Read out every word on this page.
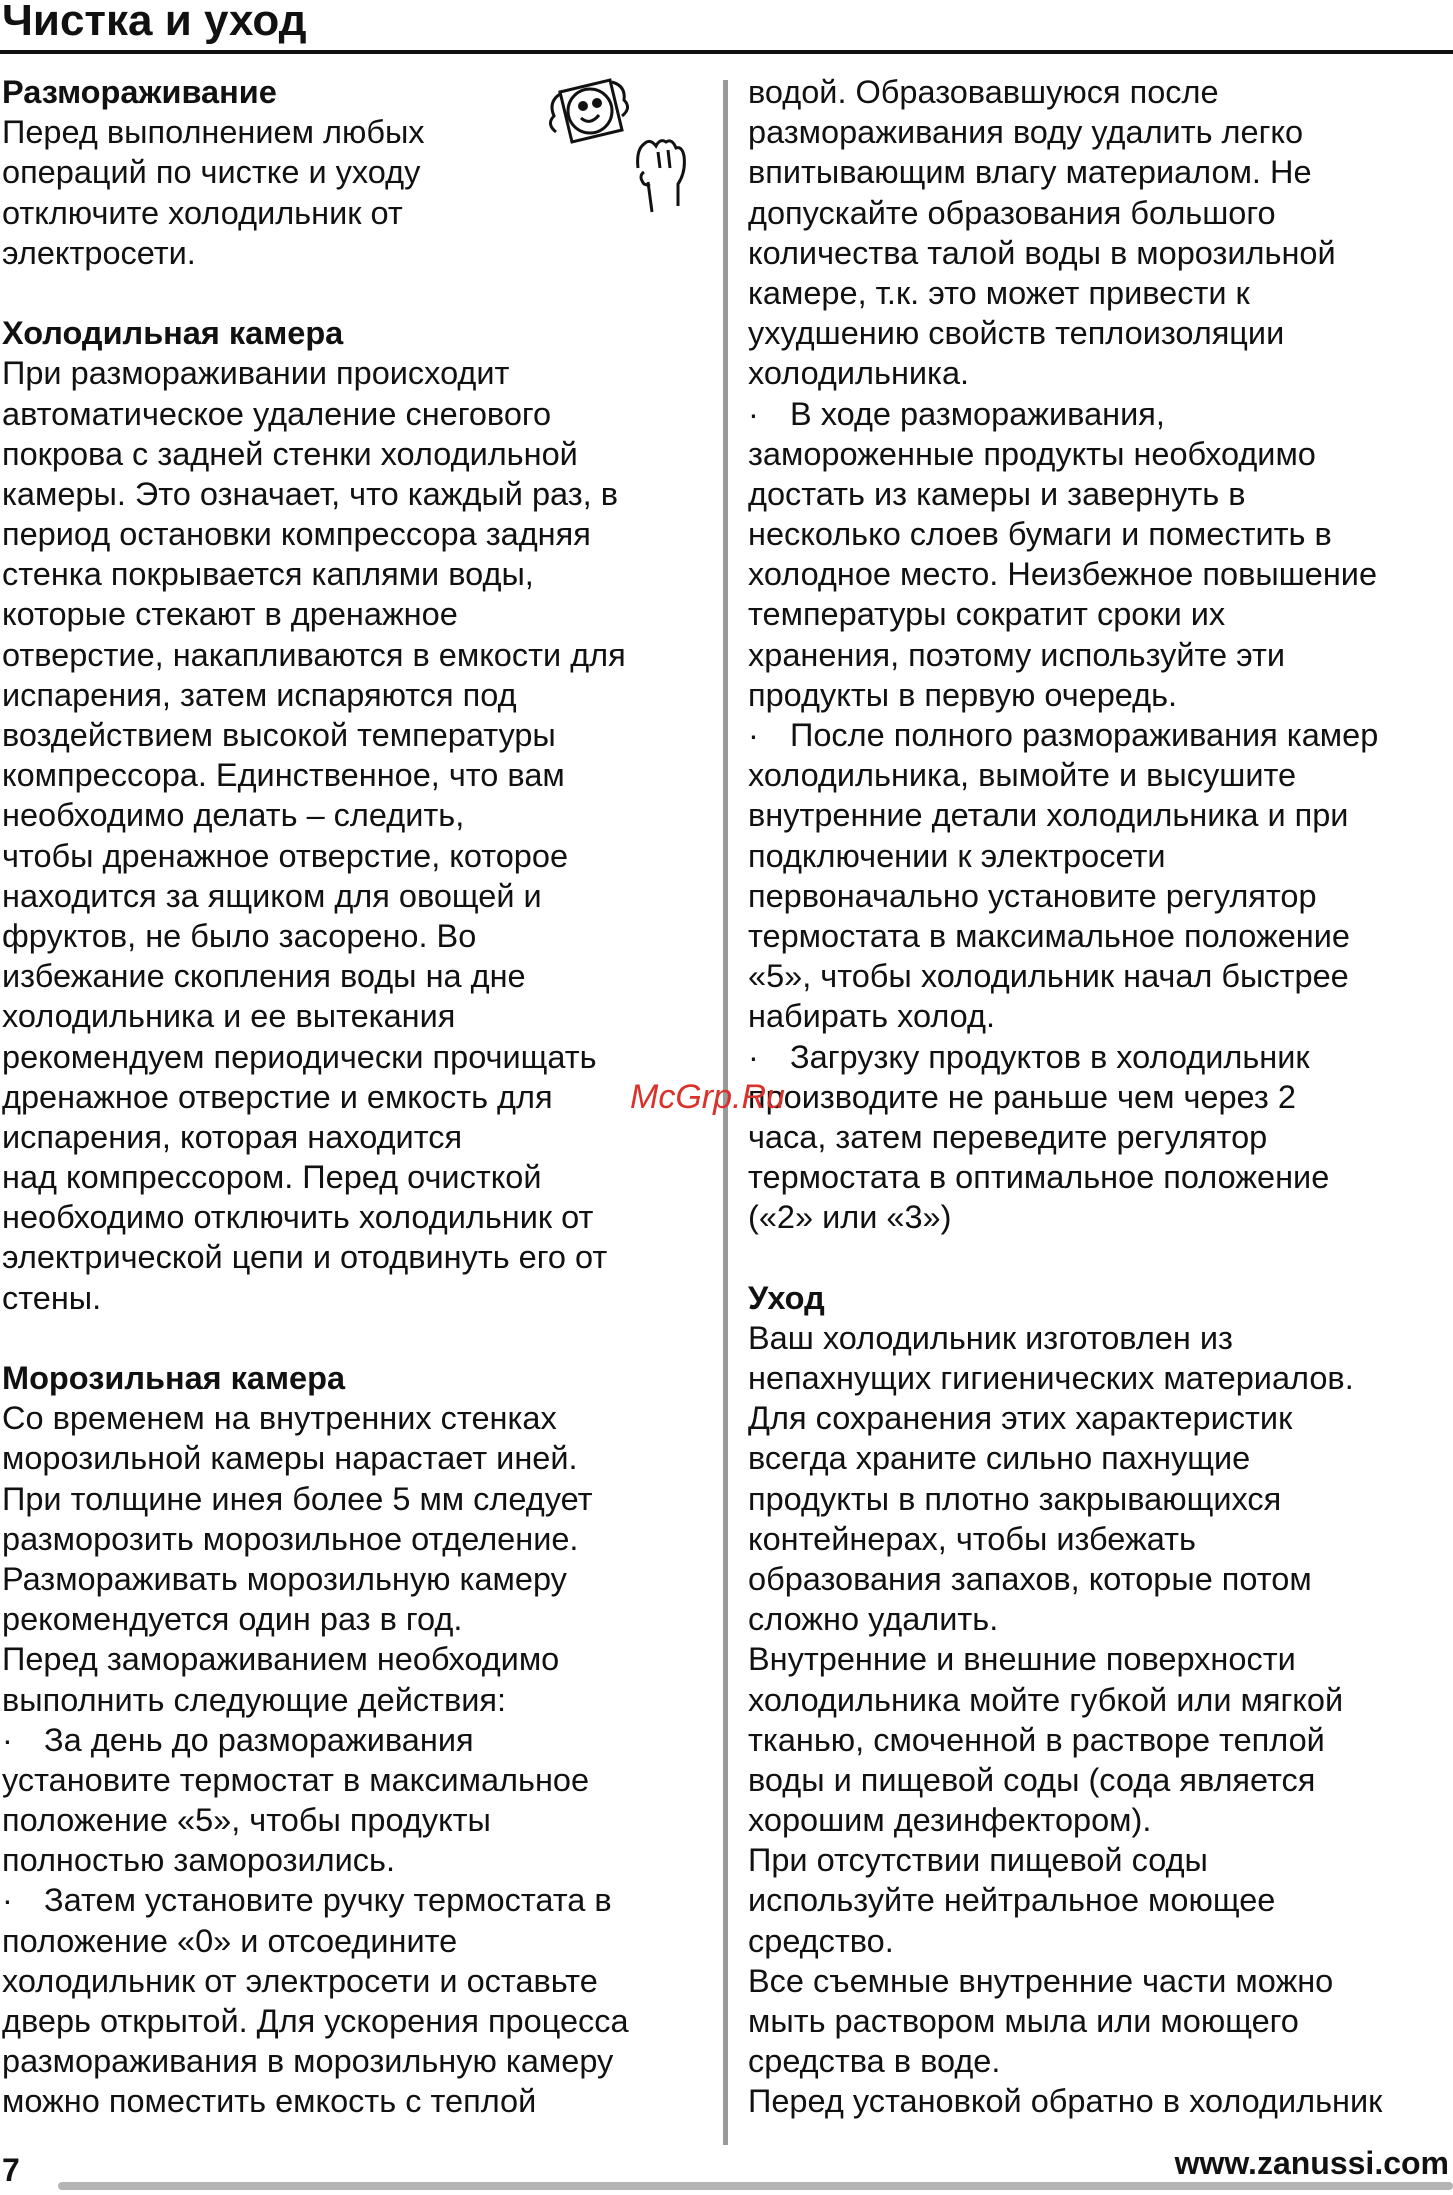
Чистка и уход
Размораживание
Перед выполнением любых
операций по чистке и уходу
отключите холодильник от
электросети.
Холодильная камера
При размораживании происходит
автоматическое удаление снегового
покрова с задней стенки холодильной
камеры. Это означает, что каждый раз, в
период остановки компрессора задняя
стенка покрывается каплями воды,
которые стекают в дренажное
отверстие, накапливаются в емкости для
испарения, затем испаряются под
воздействием высокой температуры
компрессора. Единственное, что вам
необходимо делать – следить,
чтобы дренажное отверстие, которое
находится за ящиком для овощей и
фруктов, не было засорено. Во
избежание скопления воды на дне
холодильника и ее вытекания
рекомендуем периодически прочищать
дренажное отверстие и емкость для
испарения, которая находится
над компрессором. Перед очисткой
необходимо отключить холодильник от
электрической цепи и отодвинуть его от
стены.
Морозильная камера
Со временем на внутренних стенках
морозильной камеры нарастает иней.
При толщине инея более 5 мм следует
разморозить морозильное отделение.
Размораживать морозильную камеру
рекомендуется один раз в год.
Перед замораживанием необходимо
выполнить следующие действия:
· За день до размораживания
установите термостат в максимальное
положение «5», чтобы продукты
полностью заморозились.
· Затем установите ручку термостата в
положение «0» и отсоедините
холодильник от электросети и оставьте
дверь открытой. Для ускорения процесса
размораживания в морозильную камеру
можно поместить емкость с теплой
водой. Образовавшуюся после
размораживания воду удалить легко
впитывающим влагу материалом. Не
допускайте образования большого
количества талой воды в морозильной
камере, т.к. это может привести к
ухудшению свойств теплоизоляции
холодильника.
· В ходе размораживания,
замороженные продукты необходимо
достать из камеры и завернуть в
несколько слоев бумаги и поместить в
холодное место. Неизбежное повышение
температуры сократит сроки их
хранения, поэтому используйте эти
продукты в первую очередь.
· После полного размораживания камер
холодильника, вымойте и высушите
внутренние детали холодильника и при
подключении к электросети
первоначально установите регулятор
термостата в максимальное положение
«5», чтобы холодильник начал быстрее
набирать холод.
· Загрузку продуктов в холодильник
производите не раньше чем через 2
часа, затем переведите регулятор
термостата в оптимальное положение
(«2» или «3»)
Уход
Ваш холодильник изготовлен из
непахнущих гигиенических материалов.
Для сохранения этих характеристик
всегда храните сильно пахнущие
продукты в плотно закрывающихся
контейнерах, чтобы избежать
образования запахов, которые потом
сложно удалить.
Внутренние и внешние поверхности
холодильника мойте губкой или мягкой
тканью, смоченной в растворе теплой
воды и пищевой соды (сода является
хорошим дезинфектором).
При отсутствии пищевой соды
используйте нейтральное моющее
средство.
Все съемные внутренние части можно
мыть раствором мыла или моющего
средства в воде.
Перед установкой обратно в холодильник
McGrp.Ru
7	www.zanussi.com
